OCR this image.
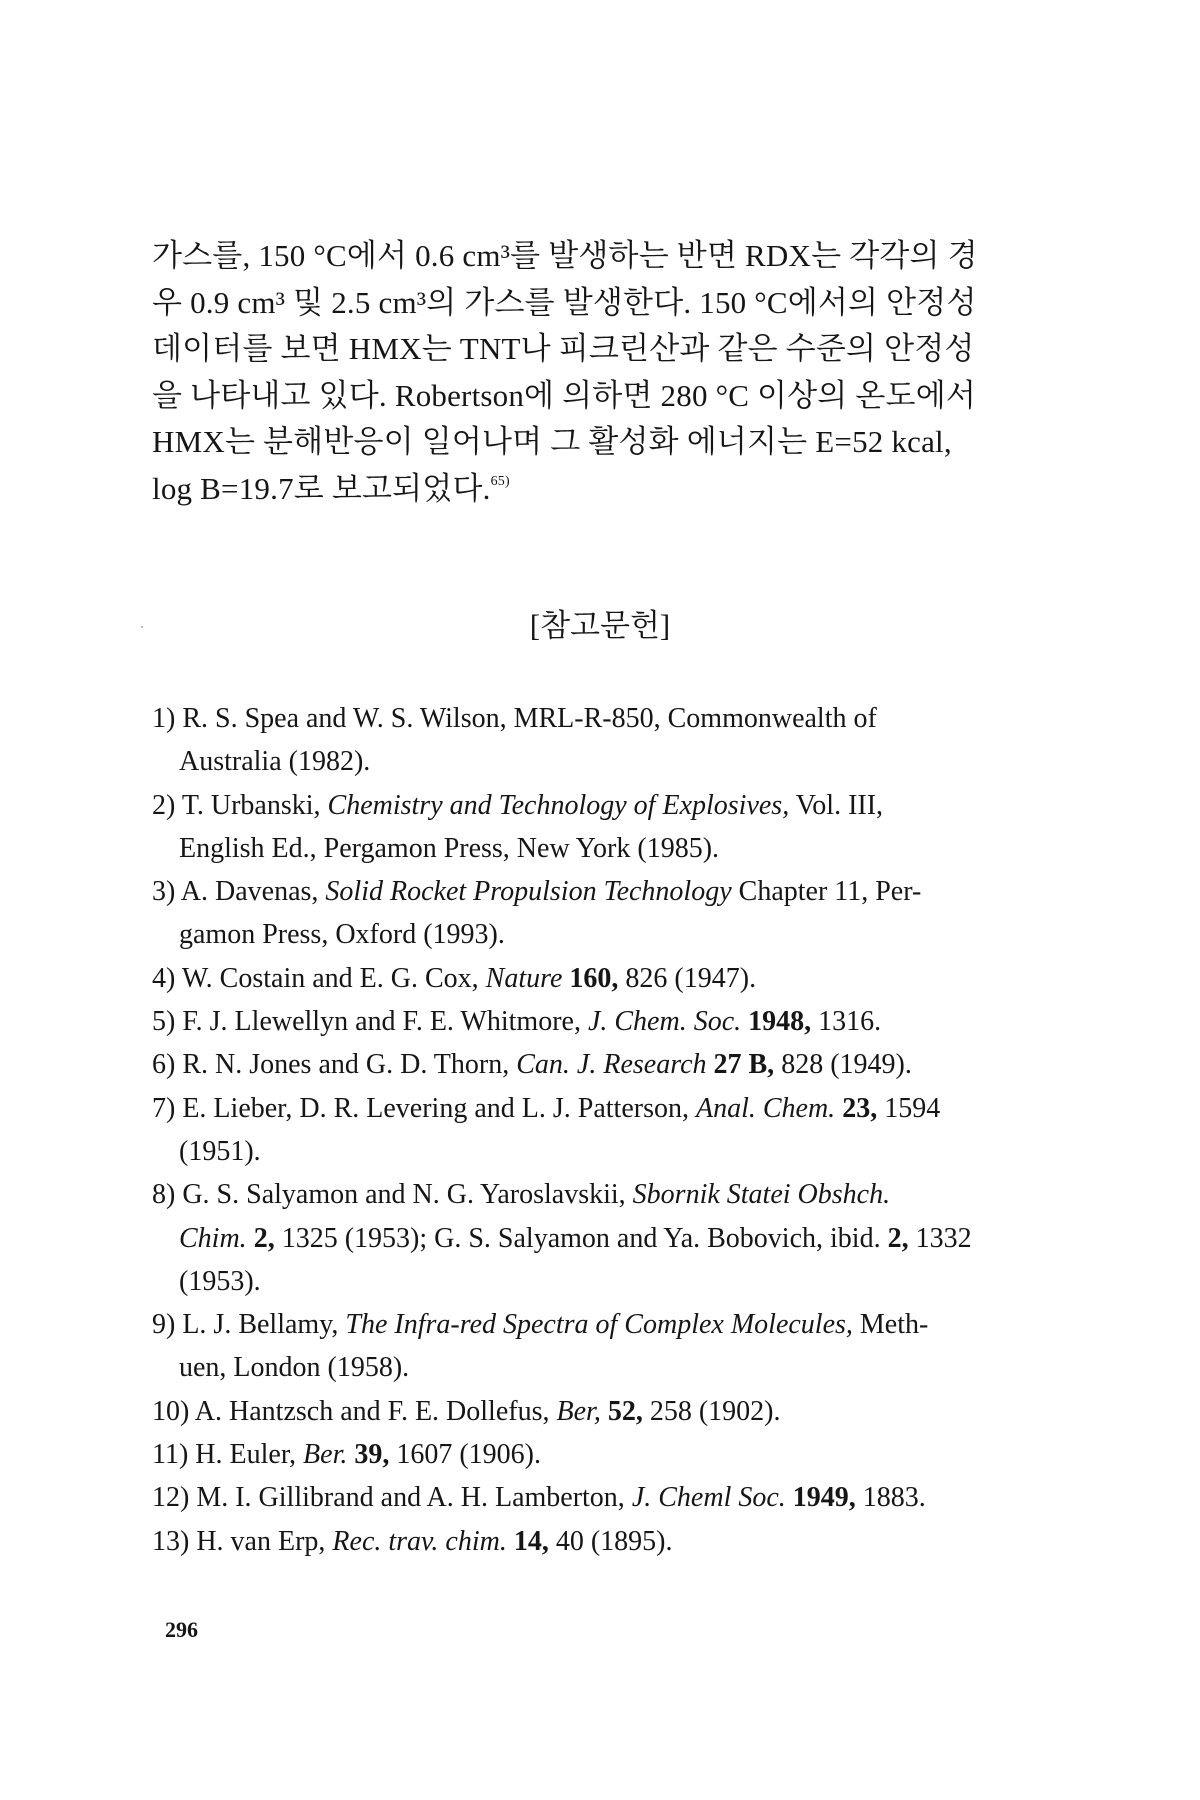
가스를, 150 °C에서 0.6 cm³를 발생하는 반면 RDX는 각각의 경
우 0.9 cm³ 및 2.5 cm³의 가스를 발생한다. 150 °C에서의 안정성
데이터를 보면 HMX는 TNT나 피크린산과 같은 수준의 안정성
을 나타내고 있다. Robertson에 의하면 280 °C 이상의 온도에서
HMX는 분해반응이 일어나며 그 활성화 에너지는 E=52 kcal,
log B=19.7로 보고되었다.$^{65)}$
[참고문헌]
1) R. S. Spea and W. S. Wilson, MRL-R-850, Commonwealth of
Australia (1982).
2) T. Urbanski, Chemistry and Technology of Explosives, Vol. III,
English Ed., Pergamon Press, New York (1985).
3) A. Davenas, Solid Rocket Propulsion Technology Chapter 11, Per-
gamon Press, Oxford (1993).
4) W. Costain and E. G. Cox, Nature 160, 826 (1947).
5) F. J. Llewellyn and F. E. Whitmore, J. Chem. Soc. 1948, 1316.
6) R. N. Jones and G. D. Thorn, Can. J. Research 27 B, 828 (1949).
7) E. Lieber, D. R. Levering and L. J. Patterson, Anal. Chem. 23, 1594
(1951).
8) G. S. Salyamon and N. G. Yaroslavskii, Sbornik Statei Obshch.
Chim. 2, 1325 (1953); G. S. Salyamon and Ya. Bobovich, ibid. 2, 1332
(1953).
9) L. J. Bellamy, The Infra-red Spectra of Complex Molecules, Meth-
uen, London (1958).
10) A. Hantzsch and F. E. Dollefus, Ber, 52, 258 (1902).
11) H. Euler, Ber. 39, 1607 (1906).
12) M. I. Gillibrand and A. H. Lamberton, J. Cheml Soc. 1949, 1883.
13) H. van Erp, Rec. trav. chim. 14, 40 (1895).
296
